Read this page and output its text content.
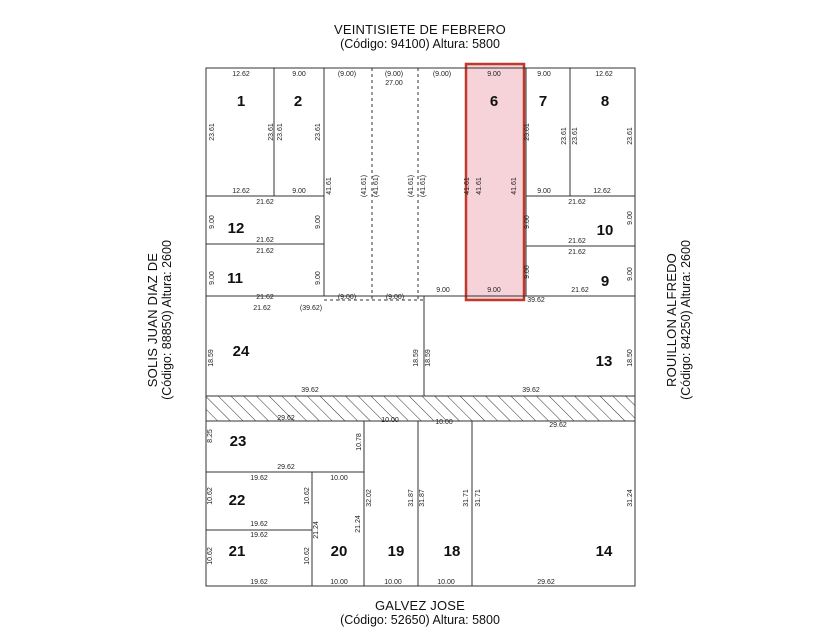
VEINTISIETE DE FEBRERO
(Código: 94100) Altura: 5800
GALVEZ JOSE
(Código: 52650) Altura: 5800
SOLIS JUAN DIAZ DE (Código: 88850) Altura: 2600	ROUILLON ALFREDO (Código: 84250) Altura: 2600
1	2	6	7	8
12
11
10
9
24
13
23
22
21	20	19	18	14
12.62	9.00	(9.00)	(9.00)
27.00
(9.00)	9.00	9.00	12.62
12.62	9.00	9.00	12.62
21.62	21.62
21.62	21.62
21.62	21.62
21.62
21.62
(9.00)	(9.00)
9.00	9.00
21.62	(39.62)
39.62
39.62	39.62
29.62	10.00	10.00	29.62
29.62
10.00
19.62
19.62
19.62
19.62	10.00	10.00	10.00	29.62
23.61	23.61 23.61	23.61
41.61	(41.61) (41.61)	(41.61) (41.61)	41.61 41.61	41.61
23.61	23.61 23.61	23.61
9.00	9.00
9.00	9.00
9.00	9.00
9.00	9.00
18.59	18.59 18.59	18.50
8.25	10.78
32.02	31.87 31.87	31.71 31.71	31.24
10.62	10.62
10.62	10.62
21.24	21.24
